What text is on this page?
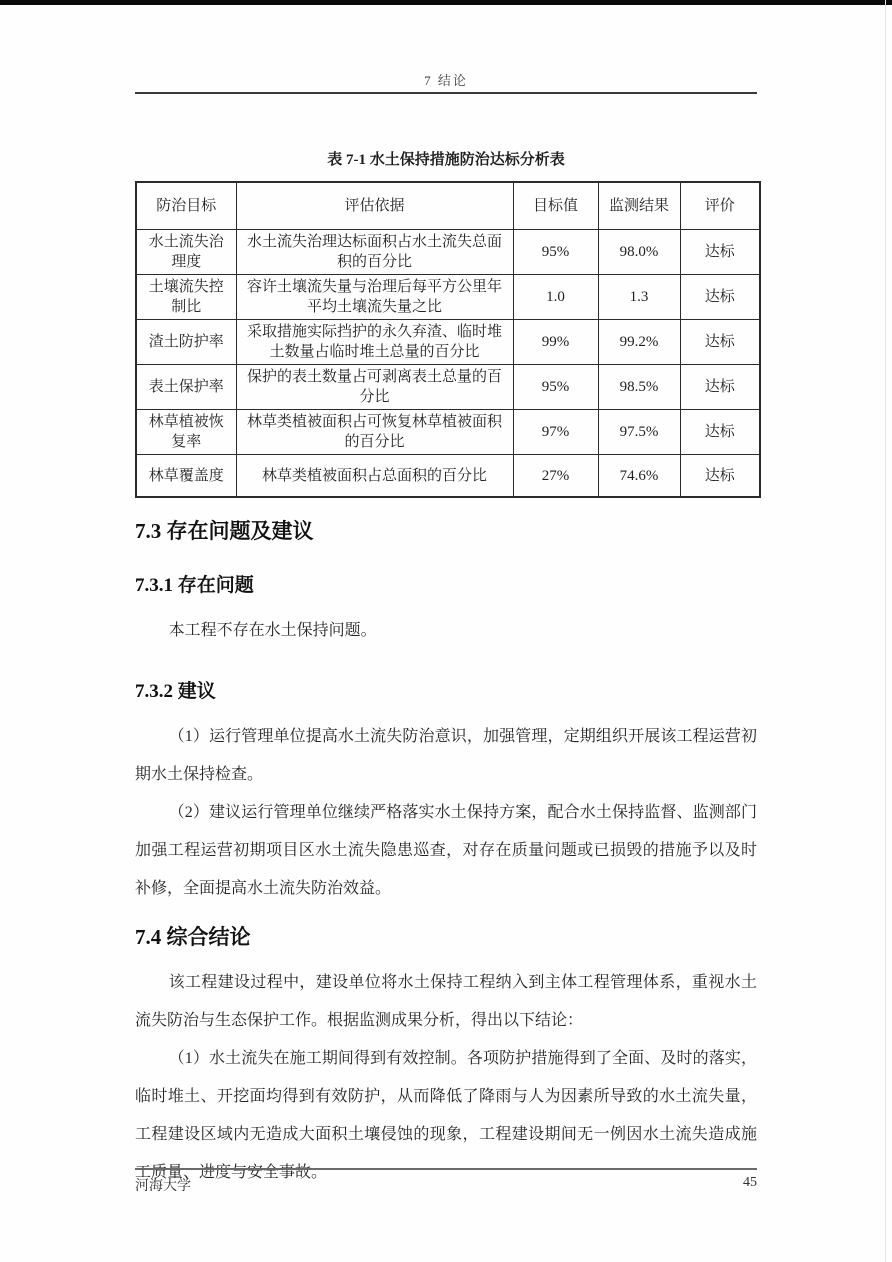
7 结论
表 7-1 水土保持措施防治达标分析表
防治目标	评估依据	目标值	监测结果	评价
水土流失治理度	水土流失治理达标面积占水土流失总面积的百分比	95%	98.0%	达标
土壤流失控制比	容许土壤流失量与治理后每平方公里年平均土壤流失量之比	1.0	1.3	达标
渣土防护率	采取措施实际挡护的永久弃渣、临时堆土数量占临时堆土总量的百分比	99%	99.2%	达标
表土保护率	保护的表土数量占可剥离表土总量的百分比	95%	98.5%	达标
林草植被恢复率	林草类植被面积占可恢复林草植被面积的百分比	97%	97.5%	达标
林草覆盖度	林草类植被面积占总面积的百分比	27%	74.6%	达标
7.3 存在问题及建议
7.3.1 存在问题

本工程不存在水土保持问题。

7.3.2 建议

（1）运行管理单位提高水土流失防治意识，加强管理，定期组织开展该工程运营初期水土保持检查。

（2）建议运行管理单位继续严格落实水土保持方案，配合水土保持监督、监测部门加强工程运营初期项目区水土流失隐患巡查，对存在质量问题或已损毁的措施予以及时补修，全面提高水土流失防治效益。

7.4 综合结论

该工程建设过程中，建设单位将水土保持工程纳入到主体工程管理体系，重视水土流失防治与生态保护工作。根据监测成果分析，得出以下结论：

（1）水土流失在施工期间得到有效控制。各项防护措施得到了全面、及时的落实，临时堆土、开挖面均得到有效防护，从而降低了降雨与人为因素所导致的水土流失量，工程建设区域内无造成大面积土壤侵蚀的现象，工程建设期间无一例因水土流失造成施工质量、进度与安全事故。

河海大学	45
